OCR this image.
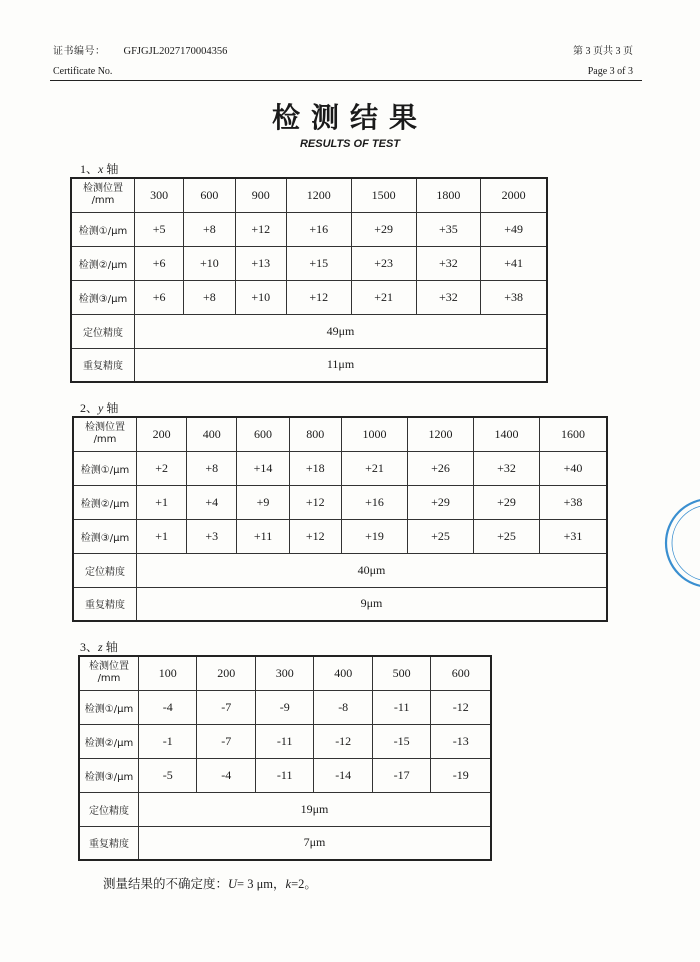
证书编号： GFJGJL2027170004356
Certificate No.
第 3 页共 3 页
Page 3 of 3
检测结果
RESULTS OF TEST
1、x 轴
检测位置
/mm	300	600	900	1200	1500	1800	2000
检测①/μm	+5	+8	+12	+16	+29	+35	+49
检测②/μm	+6	+10	+13	+15	+23	+32	+41
检测③/μm	+6	+8	+10	+12	+21	+32	+38
定位精度	49μm						
重复精度	11μm						
2、y 轴
检测位置
/mm	200	400	600	800	1000	1200	1400	1600
检测①/μm	+2	+8	+14	+18	+21	+26	+32	+40
检测②/μm	+1	+4	+9	+12	+16	+29	+29	+38
检测③/μm	+1	+3	+11	+12	+19	+25	+25	+31
定位精度	40μm							
重复精度	9μm							
3、z 轴
检测位置
/mm	100	200	300	400	500	600
检测①/μm	-4	-7	-9	-8	-11	-12
检测②/μm	-1	-7	-11	-12	-15	-13
检测③/μm	-5	-4	-11	-14	-17	-19
定位精度	19μm					
重复精度	7μm					
测量结果的不确定度：U= 3 μm，k=2。
